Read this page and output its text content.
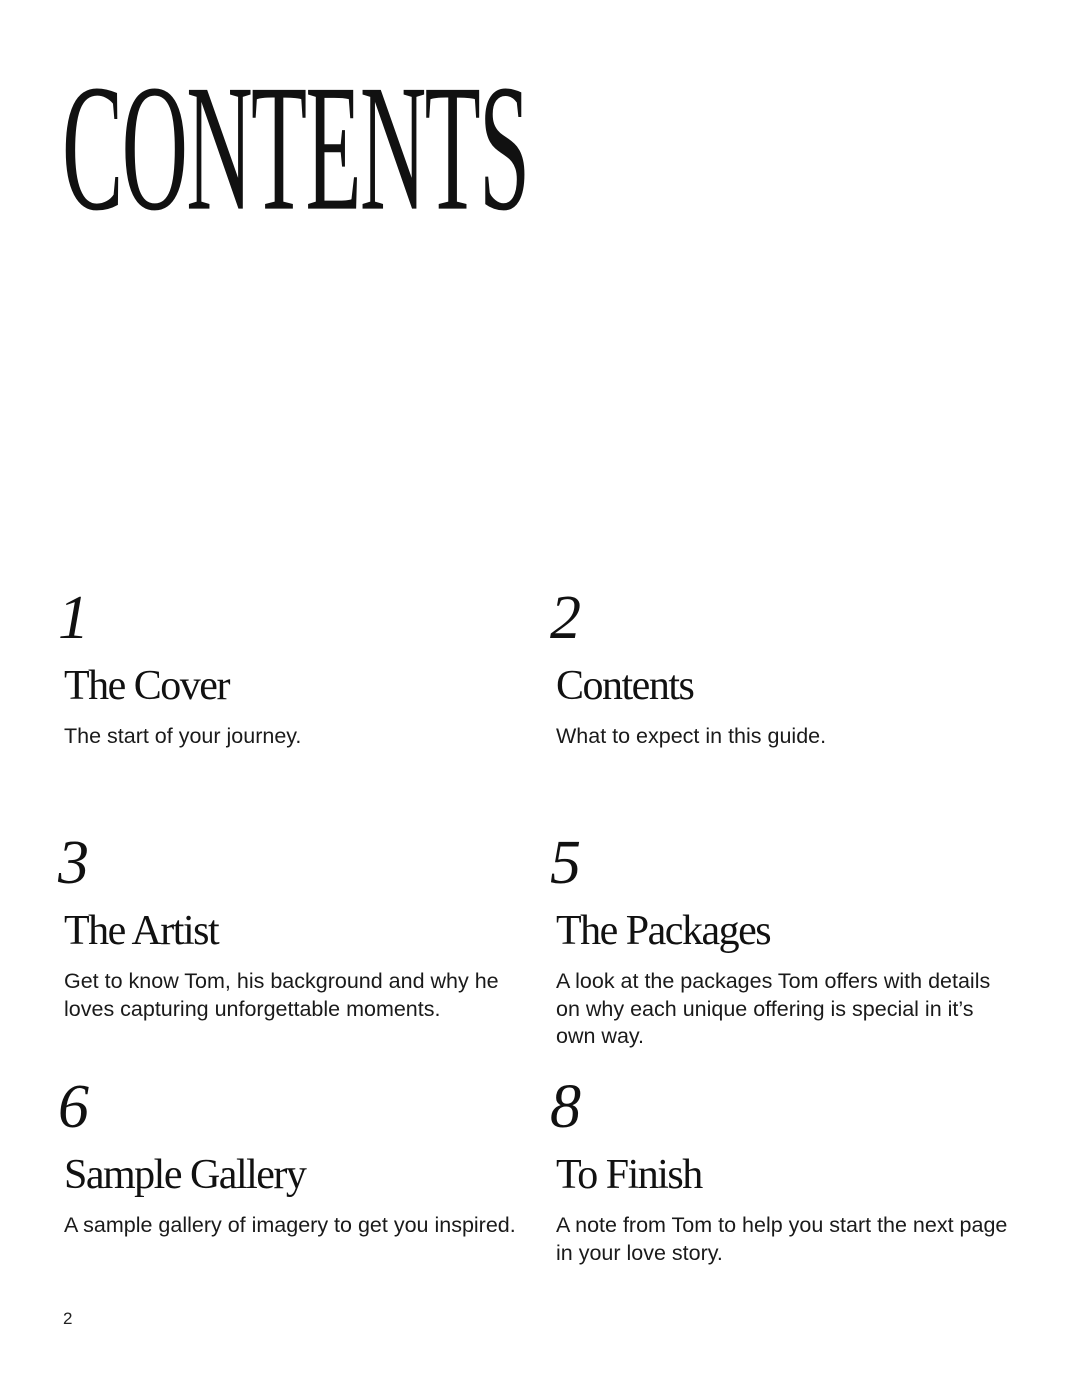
CONTENTS
1
The Cover

The start of your journey.

2
Contents

What to expect in this guide.

3
The Artist

Get to know Tom, his background and why he loves capturing unforgettable moments.

5
The Packages

A look at the packages Tom offers with details on why each unique offering is special in it’s own way.

6
Sample Gallery

A sample gallery of imagery to get you inspired.

8
To Finish

A note from Tom to help you start the next page in your love story.

2
